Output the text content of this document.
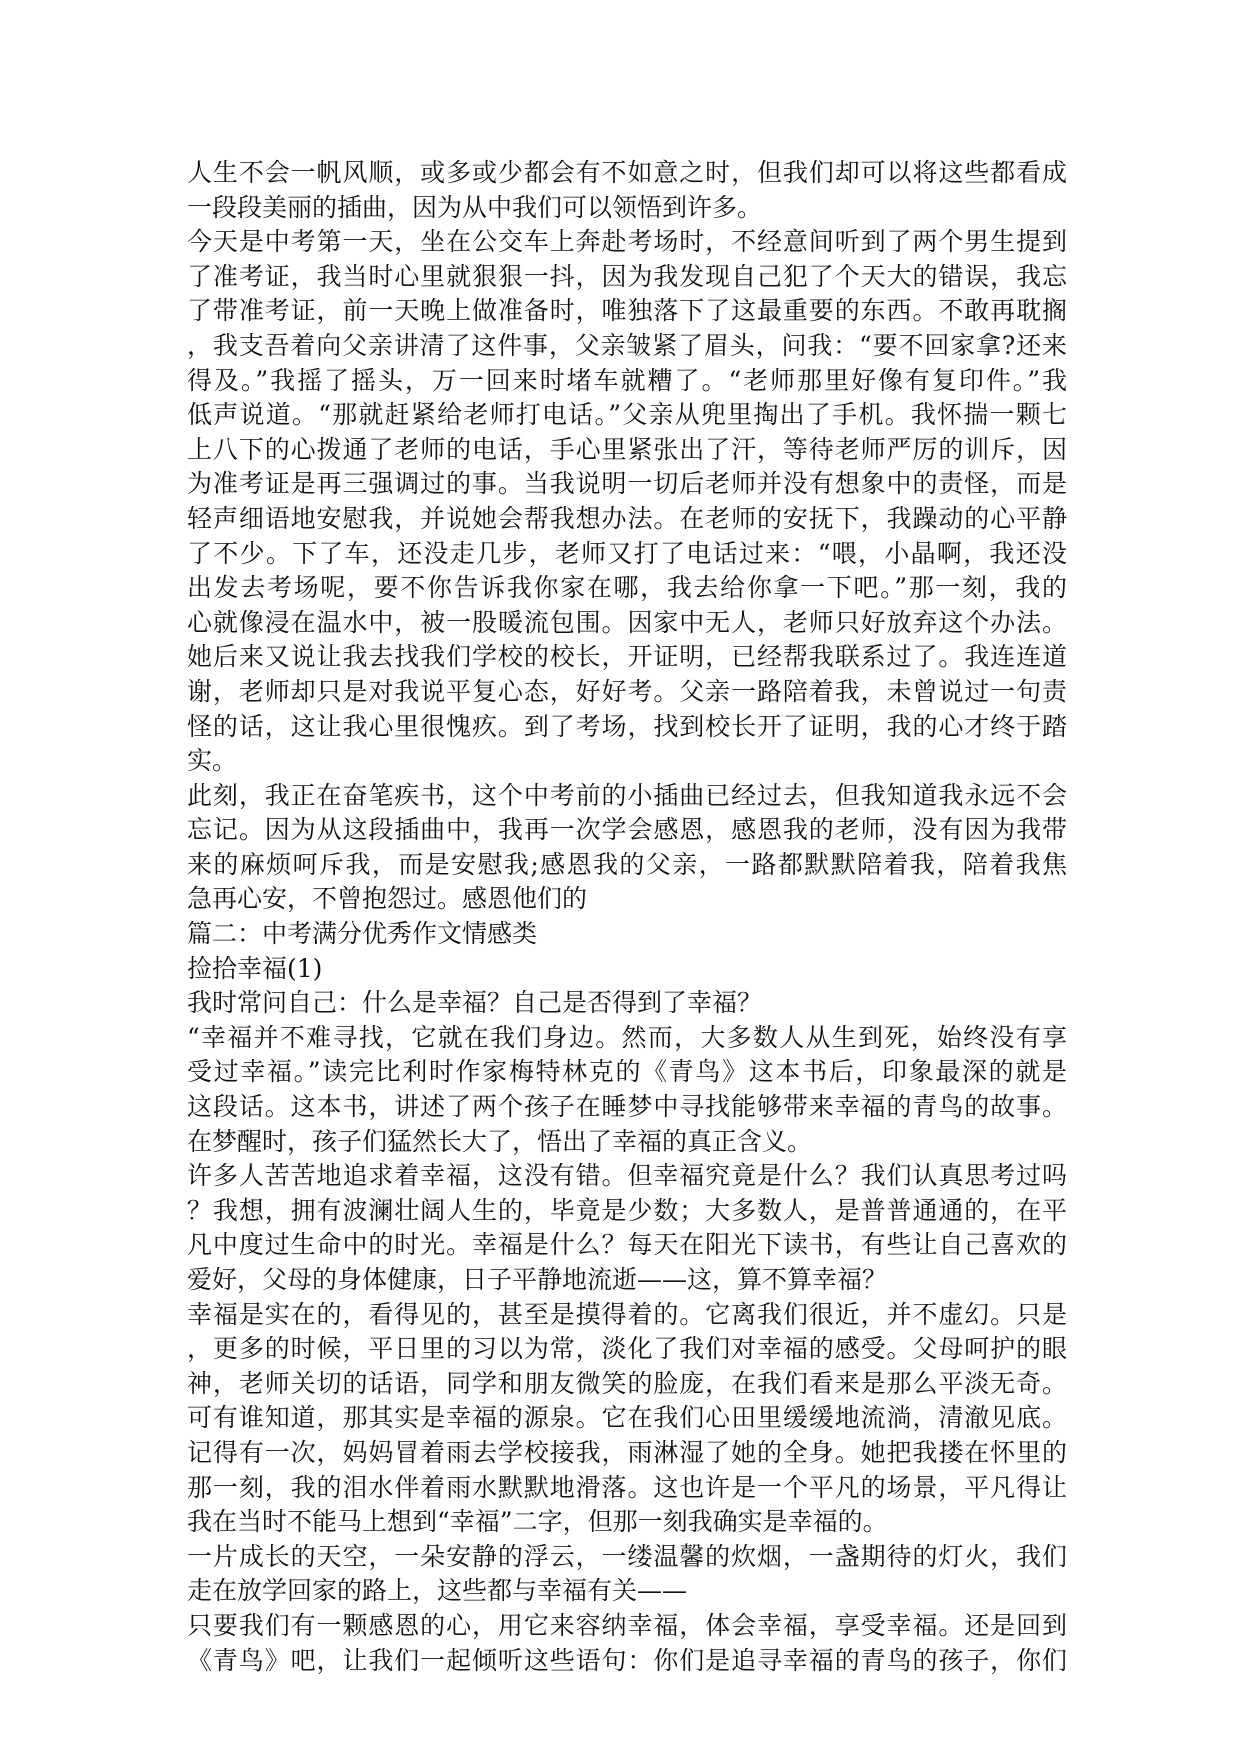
人生不会一帆风顺，或多或少都会有不如意之时，但我们却可以将这些都看成
一段段美丽的插曲，因为从中我们可以领悟到许多。
今天是中考第一天，坐在公交车上奔赴考场时，不经意间听到了两个男生提到
了准考证，我当时心里就狠狠一抖，因为我发现自己犯了个天大的错误，我忘
了带准考证，前一天晚上做准备时，唯独落下了这最重要的东西。不敢再耽搁
，我支吾着向父亲讲清了这件事，父亲皱紧了眉头，问我：“要不回家拿?还来
得及。”我摇了摇头，万一回来时堵车就糟了。“老师那里好像有复印件。”我
低声说道。“那就赶紧给老师打电话。”父亲从兜里掏出了手机。我怀揣一颗七
上八下的心拨通了老师的电话，手心里紧张出了汗，等待老师严厉的训斥，因
为准考证是再三强调过的事。当我说明一切后老师并没有想象中的责怪，而是
轻声细语地安慰我，并说她会帮我想办法。在老师的安抚下，我躁动的心平静
了不少。下了车，还没走几步，老师又打了电话过来：“喂，小晶啊，我还没
出发去考场呢，要不你告诉我你家在哪，我去给你拿一下吧。”那一刻，我的
心就像浸在温水中，被一股暖流包围。因家中无人，老师只好放弃这个办法。
她后来又说让我去找我们学校的校长，开证明，已经帮我联系过了。我连连道
谢，老师却只是对我说平复心态，好好考。父亲一路陪着我，未曾说过一句责
怪的话，这让我心里很愧疚。到了考场，找到校长开了证明，我的心才终于踏
实。
此刻，我正在奋笔疾书，这个中考前的小插曲已经过去，但我知道我永远不会
忘记。因为从这段插曲中，我再一次学会感恩，感恩我的老师，没有因为我带
来的麻烦呵斥我，而是安慰我;感恩我的父亲，一路都默默陪着我，陪着我焦
急再心安，不曾抱怨过。感恩他们的
篇二：中考满分优秀作文情感类
捡拾幸福(1)
我时常问自己：什么是幸福？自己是否得到了幸福？
“幸福并不难寻找，它就在我们身边。然而，大多数人从生到死，始终没有享
受过幸福。”读完比利时作家梅特林克的《青鸟》这本书后，印象最深的就是
这段话。这本书，讲述了两个孩子在睡梦中寻找能够带来幸福的青鸟的故事。
在梦醒时，孩子们猛然长大了，悟出了幸福的真正含义。
许多人苦苦地追求着幸福，这没有错。但幸福究竟是什么？我们认真思考过吗
？我想，拥有波澜壮阔人生的，毕竟是少数；大多数人，是普普通通的，在平
凡中度过生命中的时光。幸福是什么？每天在阳光下读书，有些让自己喜欢的
爱好，父母的身体健康，日子平静地流逝——这，算不算幸福？
幸福是实在的，看得见的，甚至是摸得着的。它离我们很近，并不虚幻。只是
，更多的时候，平日里的习以为常，淡化了我们对幸福的感受。父母呵护的眼
神，老师关切的话语，同学和朋友微笑的脸庞，在我们看来是那么平淡无奇。
可有谁知道，那其实是幸福的源泉。它在我们心田里缓缓地流淌，清澈见底。
记得有一次，妈妈冒着雨去学校接我，雨淋湿了她的全身。她把我搂在怀里的
那一刻，我的泪水伴着雨水默默地滑落。这也许是一个平凡的场景，平凡得让
我在当时不能马上想到“幸福”二字，但那一刻我确实是幸福的。
一片成长的天空，一朵安静的浮云，一缕温馨的炊烟，一盏期待的灯火，我们
走在放学回家的路上，这些都与幸福有关——
只要我们有一颗感恩的心，用它来容纳幸福，体会幸福，享受幸福。还是回到
《青鸟》吧，让我们一起倾听这些语句：你们是追寻幸福的青鸟的孩子，你们
